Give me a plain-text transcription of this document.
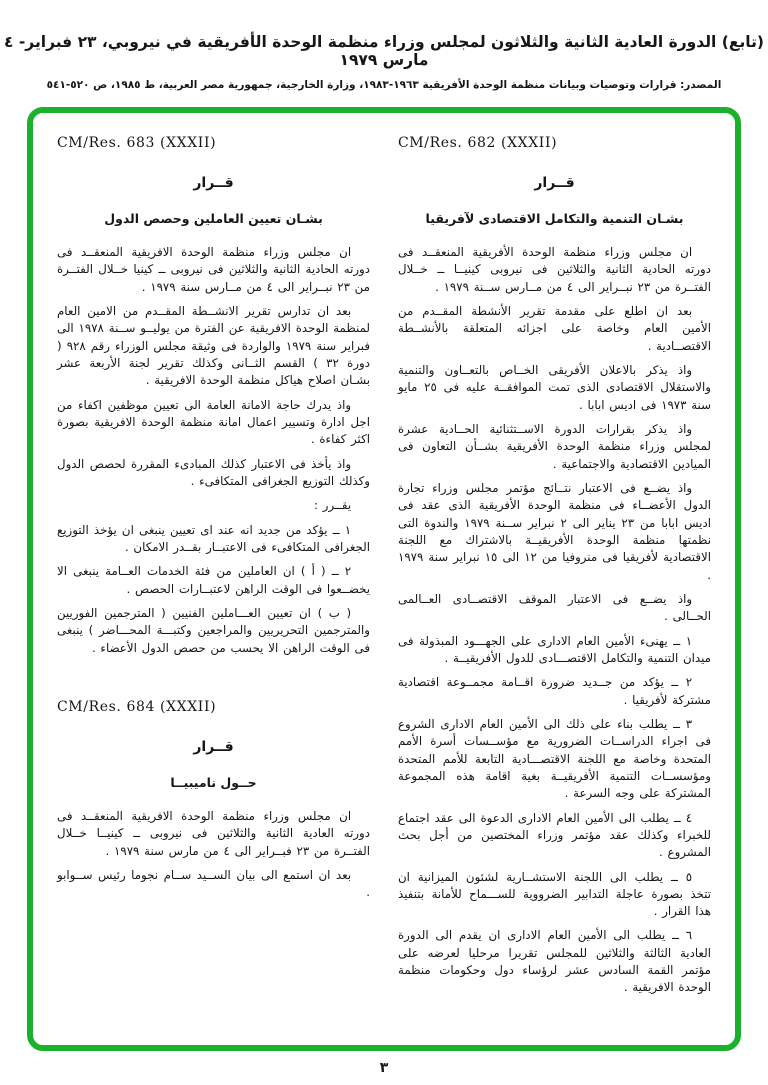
(تابع) الدورة العادية الثانية والثلاثون لمجلس وزراء منظمة الوحدة الأفريقية في نيروبي، ٢٣ فبراير- ٤ مارس ١٩٧٩
المصدر: قرارات وتوصيات وبيانات منظمة الوحدة الأفريقية ١٩٦٣-١٩٨٣، وزارة الخارجية، جمهورية مصر العربية، ط ١٩٨٥، ص ٥٢٠-٥٤١
CM/Res. 682 (XXXII)
قــرار
بشـان التنمية والتكامل الاقتصادى لآفريقيا

ان مجلس وزراء منظمة الوحدة الأفريقية المنعقــد فى دورته الحادية الثانية والثلاثين فى نيروبى كينيــا ــ خــلال الفتــرة من ٢٣ نبــراير الى ٤ من مــارس ســنة ١٩٧٩ .

بعد ان اطلع على مقدمة تقرير الأنشطة المقــدم من الأمين العام وخاصة على اجزائه المتعلقة بالأنشــطة الاقتصــادية .

واذ يذكر بالاعلان الأفريقى الخــاص بالتعــاون والتنمية والاستقلال الاقتصادى الذى تمت الموافقــة عليه فى ٢٥ مايو سنة ١٩٧٣ فى اديس ابابا .

واذ يذكر بقرارات الدورة الاســتثنائية الحــادية عشرة لمجلس وزراء منظمة الوحدة الأفريقية بشــأن التعاون فى الميادين الاقتصادية والاجتماعية .

واذ يضــع فى الاعتبار نتــائج مؤتمر مجلس وزراء تجارة الدول الأعضــاء فى منظمة الوحدة الأفريقية الذى عقد فى اديس ابابا من ٢٣ يناير الى ٢ نبراير ســنة ١٩٧٩ والندوة التى نظمتها منظمة الوحدة الأفريقيــة بالاشتراك مع اللجنة الاقتصادية لأفريقيا فى منروفيا من ١٢ الى ١٥ نبراير سنة ١٩٧٩ .

واذ يضــع فى الاعتبار الموقف الاقتصــادى العــالمى الحــالى .

١ ــ يهنىء الأمين العام الادارى على الجهـــود المبذولة فى ميدان التنمية والتكامل الاقتصـــادى للدول الأفريقيــة .

٢ ــ يؤكد من جــديد ضرورة اقــامة مجمــوعة اقتصادية مشتركة لأفريقيا .

٣ ــ يطلب بناء على ذلك الى الأمين العام الادارى الشروع فى اجراء الدراســات الضرورية مع مؤســسات أسرة الأمم المتحدة وخاصة مع اللجنة الاقتصـــادية التابعة للأمم المتحدة ومؤسســات التنمية الأفريقيــة بغية اقامة هذه المجموعة المشتركة على وجه السرعة .

٤ ــ يطلب الى الأمين العام الادارى الدعوة الى عقد اجتماع للخبراء وكذلك عقد مؤتمر وزراء المختصين من أجل بحث المشروع .

٥ ــ يطلب الى اللجنة الاستشــارية لشئون الميزانية ان تتخذ بصورة عاجلة التدابير الضرووية للســـماح للأمانة بتنفيذ هذا القرار .

٦ ــ يطلب الى الأمين العام الادارى ان يقدم الى الدورة العادية الثالثة والثلاثين للمجلس تقريرا مرحليا لعرضه على مؤتمر القمة السادس عشر لرؤساء دول وحكومات منظمة الوحدة الافريقية .

CM/Res. 683 (XXXII)
قــرار
بشـان تعيين العاملين وحصص الدول

ان مجلس وزراء منظمة الوحدة الافريقية المنعقــد فى دورته الحادية الثانية والثلاثين فى نيروبى ــ كينيا خــلال الفتــرة من ٢٣ نبــراير الى ٤ من مــارس سنة ١٩٧٩ .

بعد ان تدارس تقرير الانشــطة المقــدم من الامين العام لمنظمة الوحدة الافريقية عن الفترة من يوليــو ســنة ١٩٧٨ الى فبراير سنة ١٩٧٩ والواردة فى وثيقة مجلس الوزراء رقم ٩٢٨ ( دورة ٣٢ ) القسم الثــانى وكذلك تقرير لجنة الأربعة عشر بشـان اصلاح هياكل منظمة الوحدة الافريقية .

واذ يدرك حاجة الامانة العامة الى تعيين موظفين اكفاء من اجل ادارة وتسيير اعمال امانة منظمة الوحدة الافريقية بصورة اكثر كفاءة .

واذ يأخذ فى الاعتبار كذلك المبادىء المقررة لحصص الدول وكذلك التوزيع الجغرافى المتكافىء .

يقــرر :

١ ــ يؤكد من جديد انه عند اى تعيين ينبغى ان يؤخذ التوزيع الجغرافى المتكافىء فى الاعتبــار بقــدر الامكان .

٢ ــ ( أ ) ان العاملين من فئة الخدمات العــامة ينبغى الا يخضــعوا فى الوقت الراهن لاعتبــارات الحصص .

( ب ) ان تعيين العـــاملين الفنيين ( المترجمين الفوريين والمترجمين التحريريين والمراجعين وكتبـــة المحـــاضر ) ينبغى فى الوقت الراهن الا يحسب من حصص الدول الأعضاء .

CM/Res. 684 (XXXII)
قــرار
حــول ناميبيــا

ان مجلس وزراء منظمة الوحدة الافريقية المنعقــد فى دورته العادية الثانية والثلاثين فى نيروبى ــ كينيــا خــلال الفتــرة من ٢٣ فبــراير الى ٤ من مارس سنة ١٩٧٩ .

بعد ان استمع الى بيان الســيد ســام نجوما رئيس ســوابو .

٣
